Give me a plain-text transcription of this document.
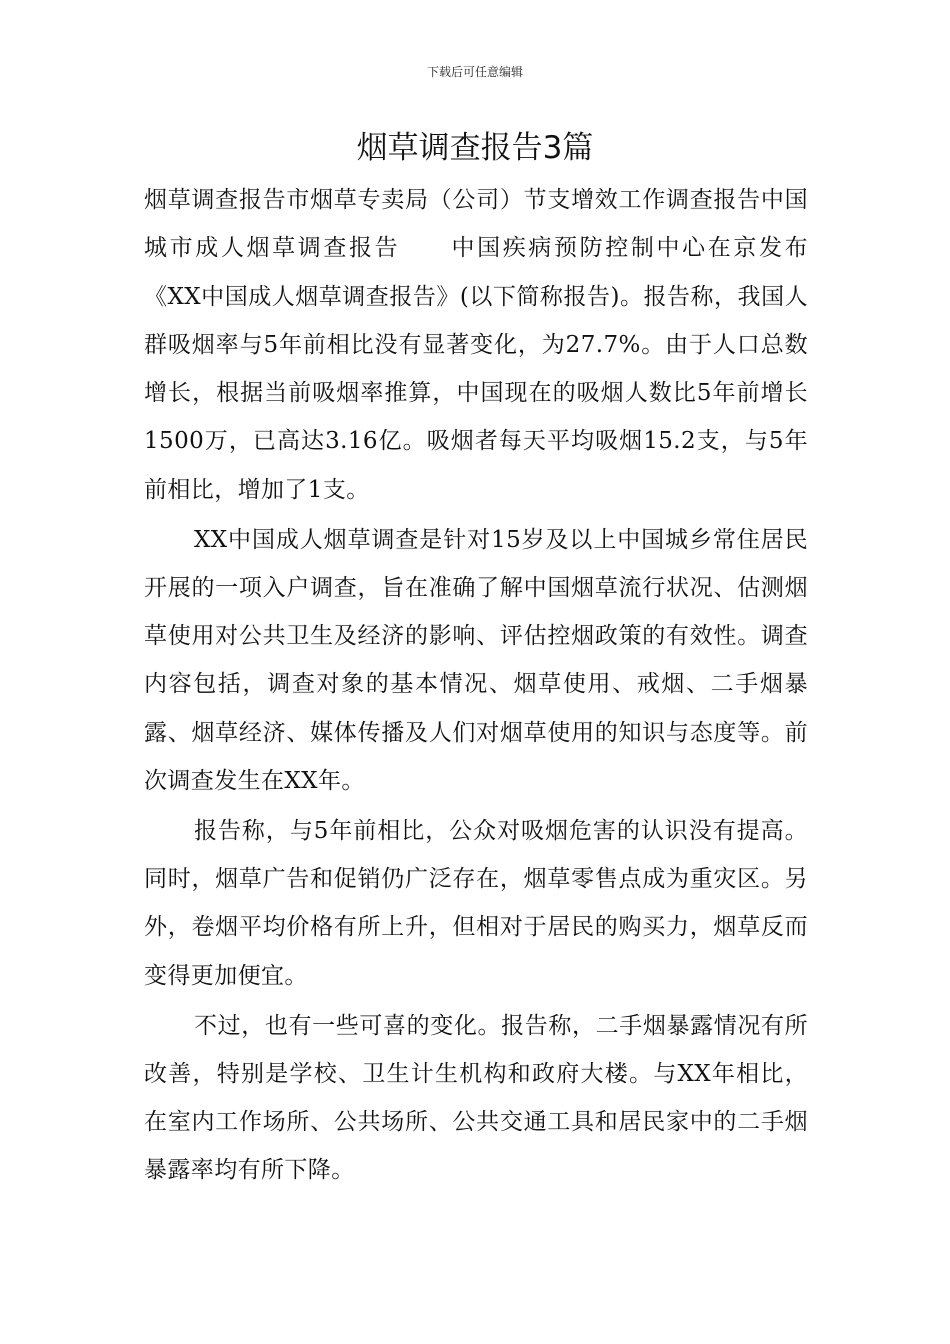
下载后可任意编辑
烟草调查报告3篇

烟草调查报告市烟草专卖局（公司）节支增效工作调查报告中国城市成人烟草调查报告　　中国疾病预防控制中心在京发布《XX中国成人烟草调查报告》(以下简称报告)。报告称，我国人群吸烟率与5年前相比没有显著变化，为27.7%。由于人口总数增长，根据当前吸烟率推算，中国现在的吸烟人数比5年前增长1500万，已高达3.16亿。吸烟者每天平均吸烟15.2支，与5年前相比，增加了1支。

XX中国成人烟草调查是针对15岁及以上中国城乡常住居民开展的一项入户调查，旨在准确了解中国烟草流行状况、估测烟草使用对公共卫生及经济的影响、评估控烟政策的有效性。调查内容包括，调查对象的基本情况、烟草使用、戒烟、二手烟暴露、烟草经济、媒体传播及人们对烟草使用的知识与态度等。前次调查发生在XX年。

报告称，与5年前相比，公众对吸烟危害的认识没有提高。同时，烟草广告和促销仍广泛存在，烟草零售点成为重灾区。另外，卷烟平均价格有所上升，但相对于居民的购买力，烟草反而变得更加便宜。

不过，也有一些可喜的变化。报告称，二手烟暴露情况有所改善，特别是学校、卫生计生机构和政府大楼。与XX年相比，在室内工作场所、公共场所、公共交通工具和居民家中的二手烟暴露率均有所下降。
